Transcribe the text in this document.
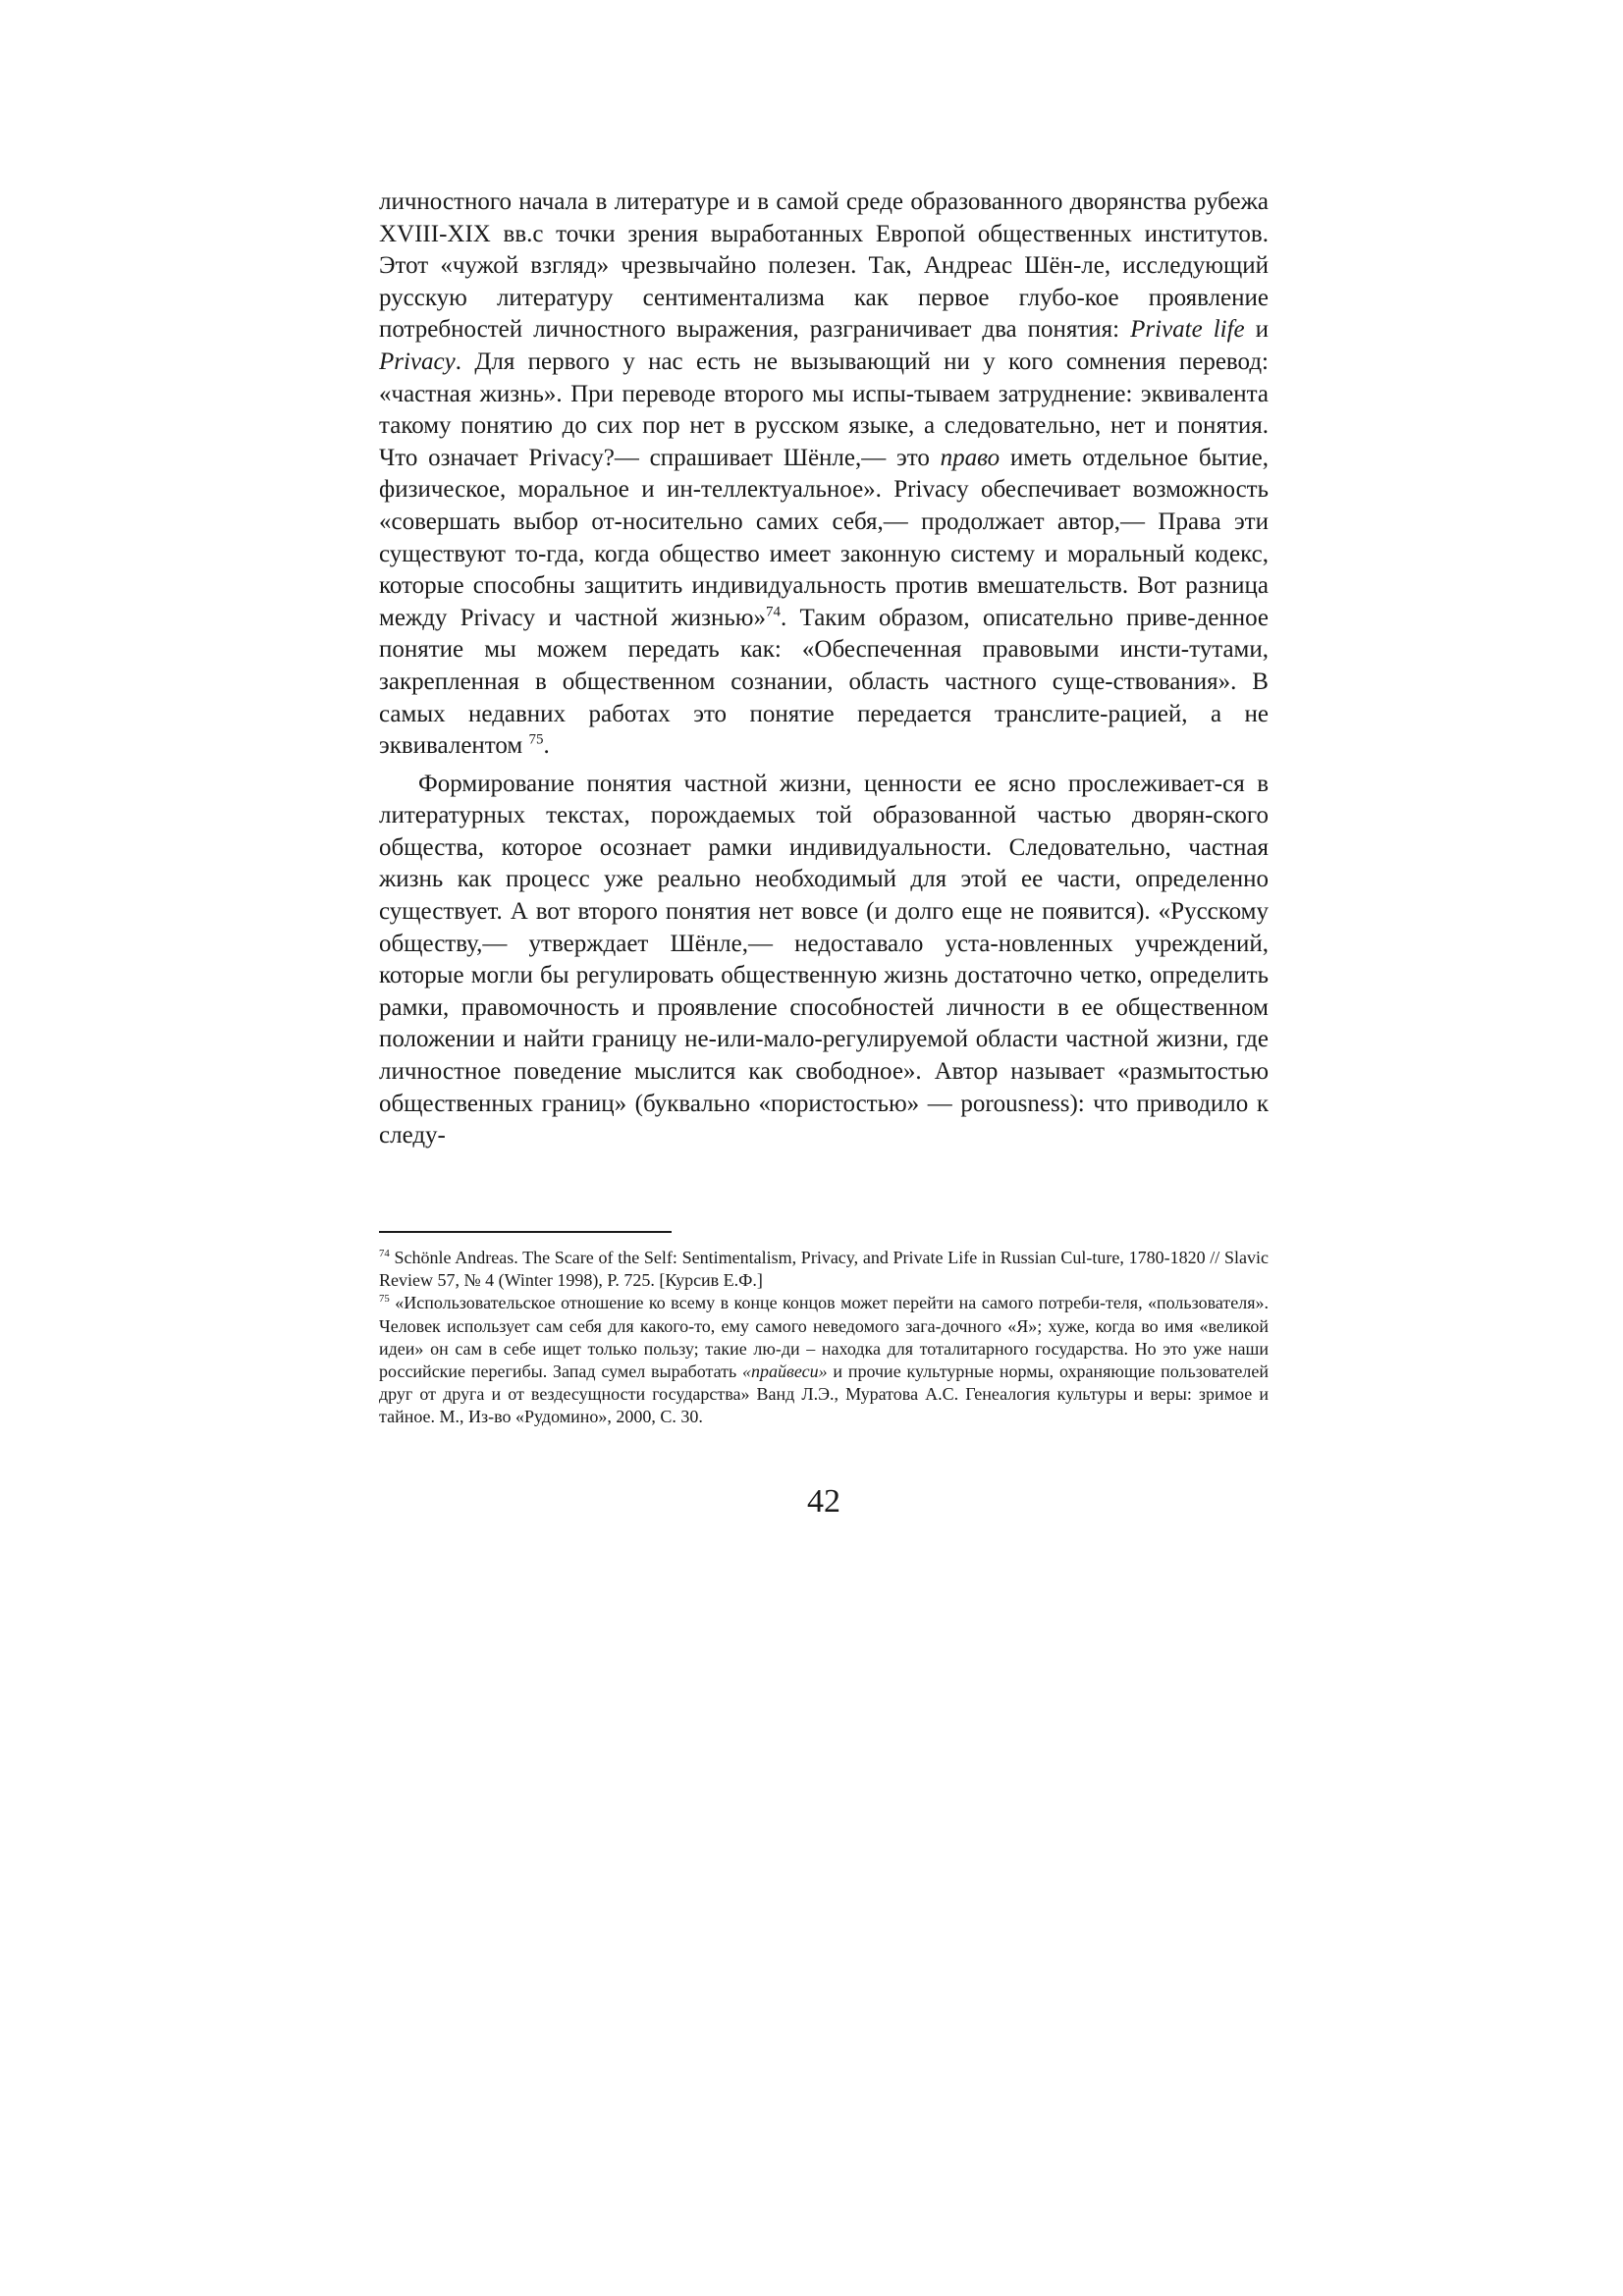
личностного начала в литературе и в самой среде образованного дворянства рубежа XVIII-XIX вв.с точки зрения выработанных Европой общественных институтов. Этот «чужой взгляд» чрезвычайно полезен. Так, Андреас Шён-ле, исследующий русскую литературу сентиментализма как первое глубо-кое проявление потребностей личностного выражения, разграничивает два понятия: Private life и Privacy. Для первого у нас есть не вызывающий ни у кого сомнения перевод: «частная жизнь». При переводе второго мы испы-тываем затруднение: эквивалента такому понятию до сих пор нет в русском языке, а следовательно, нет и понятия. Что означает Privacy?— спрашивает Шёнле,— это право иметь отдельное бытие, физическое, моральное и ин-теллектуальное». Privacy обеспечивает возможность «совершать выбор от-носительно самих себя,— продолжает автор,— Права эти существуют то-гда, когда общество имеет законную систему и моральный кодекс, которые способны защитить индивидуальность против вмешательств. Вот разница между Privacy и частной жизнью»$^{74}$. Таким образом, описательно приве-денное понятие мы можем передать как: «Обеспеченная правовыми инсти-тутами, закрепленная в общественном сознании, область частного суще-ствования». В самых недавних работах это понятие передается транслите-рацией, а не эквивалентом $^{75}$.

Формирование понятия частной жизни, ценности ее ясно прослеживает-ся в литературных текстах, порождаемых той образованной частью дворян-ского общества, которое осознает рамки индивидуальности. Следовательно, частная жизнь как процесс уже реально необходимый для этой ее части, определенно существует. А вот второго понятия нет вовсе (и долго еще не появится). «Русскому обществу,— утверждает Шёнле,— недоставало уста-новленных учреждений, которые могли бы регулировать общественную жизнь достаточно четко, определить рамки, правомочность и проявление способностей личности в ее общественном положении и найти границу не-или-мало-регулируемой области частной жизни, где личностное поведение мыслится как свободное». Автор называет «размытостью общественных границ» (буквально «пористостью» — porousness): что приводило к следу-

$^{74}$ Schönle Andreas. The Scare of the Self: Sentimentalism, Privacy, and Private Life in Russian Cul-ture, 1780-1820 // Slavic Review 57, № 4 (Winter 1998), P. 725. [Курсив Е.Ф.]

$^{75}$ «Использовательское отношение ко всему в конце концов может перейти на самого потреби-теля, «пользователя». Человек использует сам себя для какого-то, ему самого неведомого зага-дочного «Я»; хуже, когда во имя «великой идеи» он сам в себе ищет только пользу; такие лю-ди – находка для тоталитарного государства. Но это уже наши российские перегибы. Запад сумел выработать «прайвеси» и прочие культурные нормы, охраняющие пользователей друг от друга и от вездесущности государства» Ванд Л.Э., Муратова А.С. Генеалогия культуры и веры: зримое и тайное. М., Из-во «Рудомино», 2000, С. 30.

42
